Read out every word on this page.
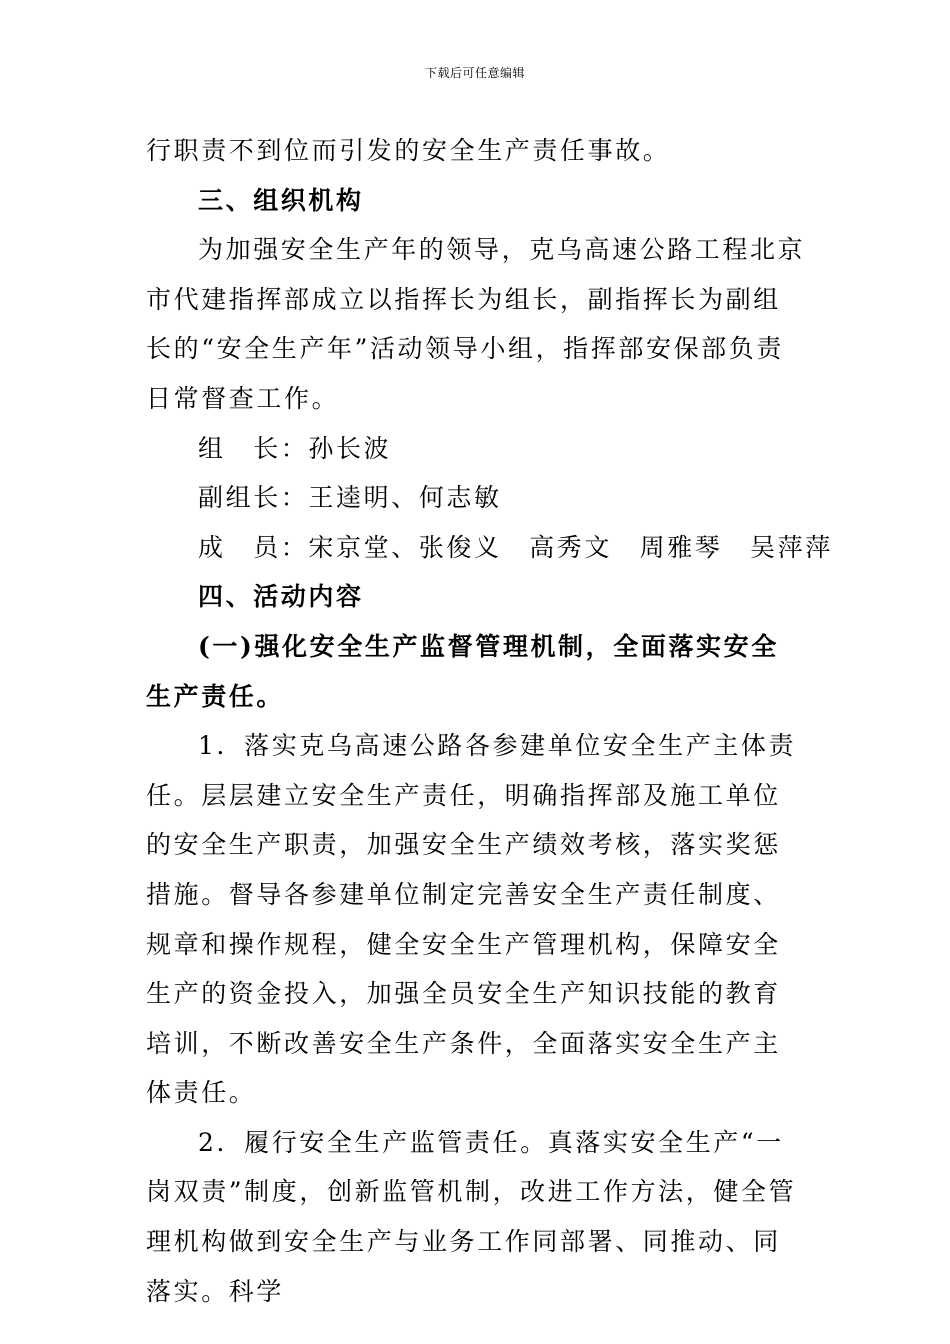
下载后可任意编辑

行职责不到位而引发的安全生产责任事故。

三、组织机构

为加强安全生产年的领导，克乌高速公路工程北京市代建指挥部成立以指挥长为组长，副指挥长为副组长的“安全生产年”活动领导小组，指挥部安保部负责日常督查工作。

组　长：孙长波

副组长：王逵明、何志敏

成　员：宋京堂、张俊义　高秀文　周雅琴　吴萍萍

四、活动内容

(一)强化安全生产监督管理机制，全面落实安全生产责任。

1．落实克乌高速公路各参建单位安全生产主体责任。层层建立安全生产责任，明确指挥部及施工单位的安全生产职责，加强安全生产绩效考核，落实奖惩措施。督导各参建单位制定完善安全生产责任制度、规章和操作规程，健全安全生产管理机构，保障安全生产的资金投入，加强全员安全生产知识技能的教育培训，不断改善安全生产条件，全面落实安全生产主体责任。

2．履行安全生产监管责任。真落实安全生产“一岗双责”制度，创新监管机制，改进工作方法，健全管理机构做到安全生产与业务工作同部署、同推动、同落实。科学
